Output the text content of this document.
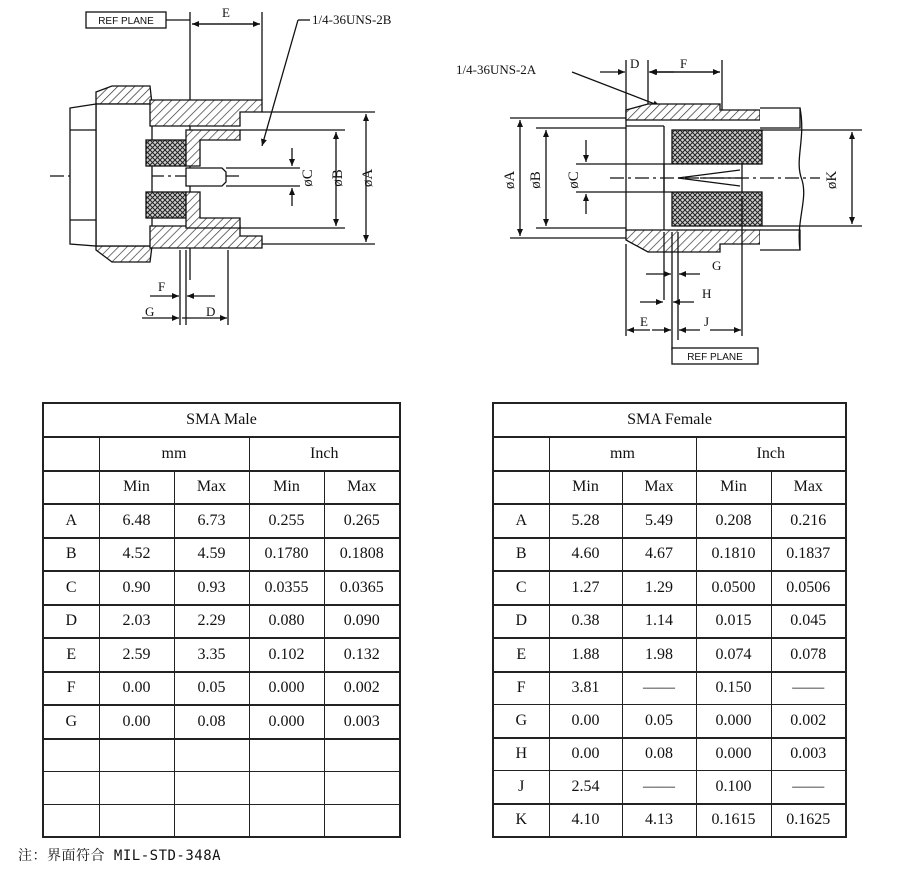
REF PLANE
E	1/4-36UNS-2B
øC øB øA
F
G	D
1/4-36UNS-2A	D	F
øA øB øC	øK
G
H
E	J
REF PLANE
SMA Male				
	mm		Inch	
	Min	Max	Min	Max
A	6.48	6.73	0.255	0.265
B	4.52	4.59	0.1780	0.1808
C	0.90	0.93	0.0355	0.0365
D	2.03	2.29	0.080	0.090
E	2.59	3.35	0.102	0.132
F	0.00	0.05	0.000	0.002
G	0.00	0.08	0.000	0.003

SMA Female				
	mm		Inch	
	Min	Max	Min	Max
A	5.28	5.49	0.208	0.216
B	4.60	4.67	0.1810	0.1837
C	1.27	1.29	0.0500	0.0506
D	0.38	1.14	0.015	0.045
E	1.88	1.98	0.074	0.078
F	3.81	——	0.150	——
G	0.00	0.05	0.000	0.002
H	0.00	0.08	0.000	0.003
J	2.54	——	0.100	——
K	4.10	4.13	0.1615	0.1625
注：界面符合 MIL-STD-348A
